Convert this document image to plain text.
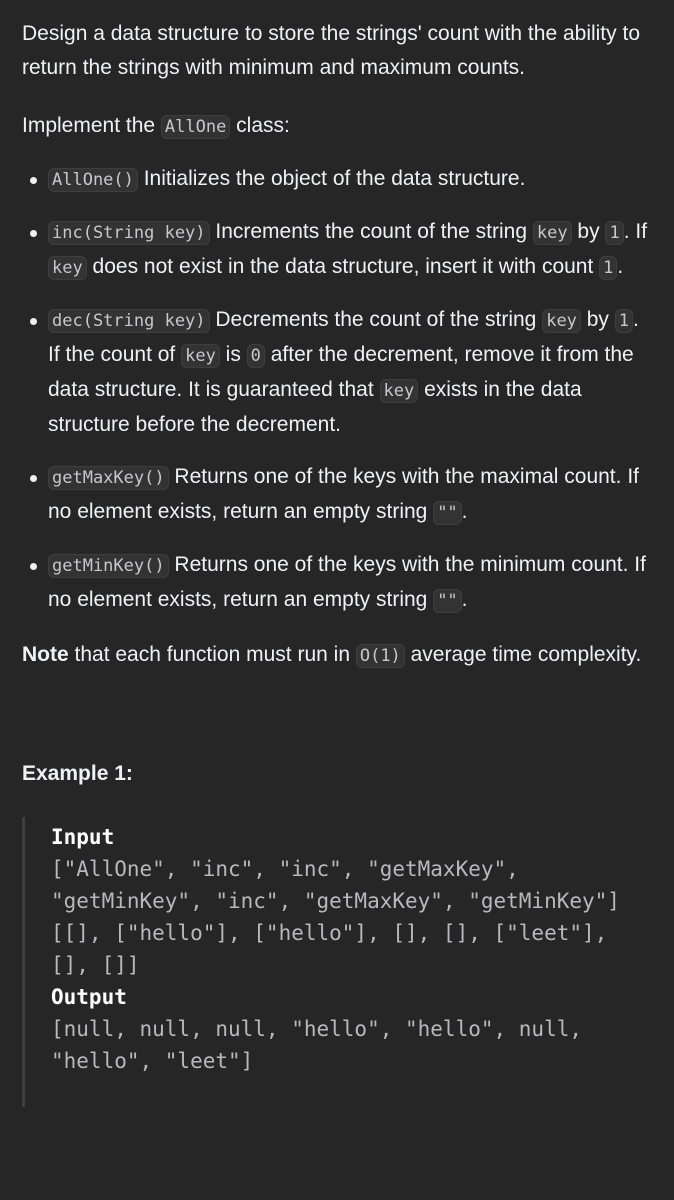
Design a data structure to store the strings' count with the ability to return the strings with minimum and maximum counts.

Implement the AllOne class:

AllOne() Initializes the object of the data structure.
inc(String key) Increments the count of the string key by 1 . If key does not exist in the data structure, insert it with count 1 .
dec(String key) Decrements the count of the string key by 1 . If the count of key is 0 after the decrement, remove it from the data structure. It is guaranteed that key exists in the data structure before the decrement.
getMaxKey() Returns one of the keys with the maximal count. If no element exists, return an empty string "" .
getMinKey() Returns one of the keys with the minimum count. If no element exists, return an empty string "" .

Note that each function must run in O(1) average time complexity.

Example 1:

Input
["AllOne", "inc", "inc", "getMaxKey",
"getMinKey", "inc", "getMaxKey", "getMinKey"]
[[], ["hello"], ["hello"], [], [], ["leet"],
[], []]
Output
[null, null, null, "hello", "hello", null,
"hello", "leet"]
